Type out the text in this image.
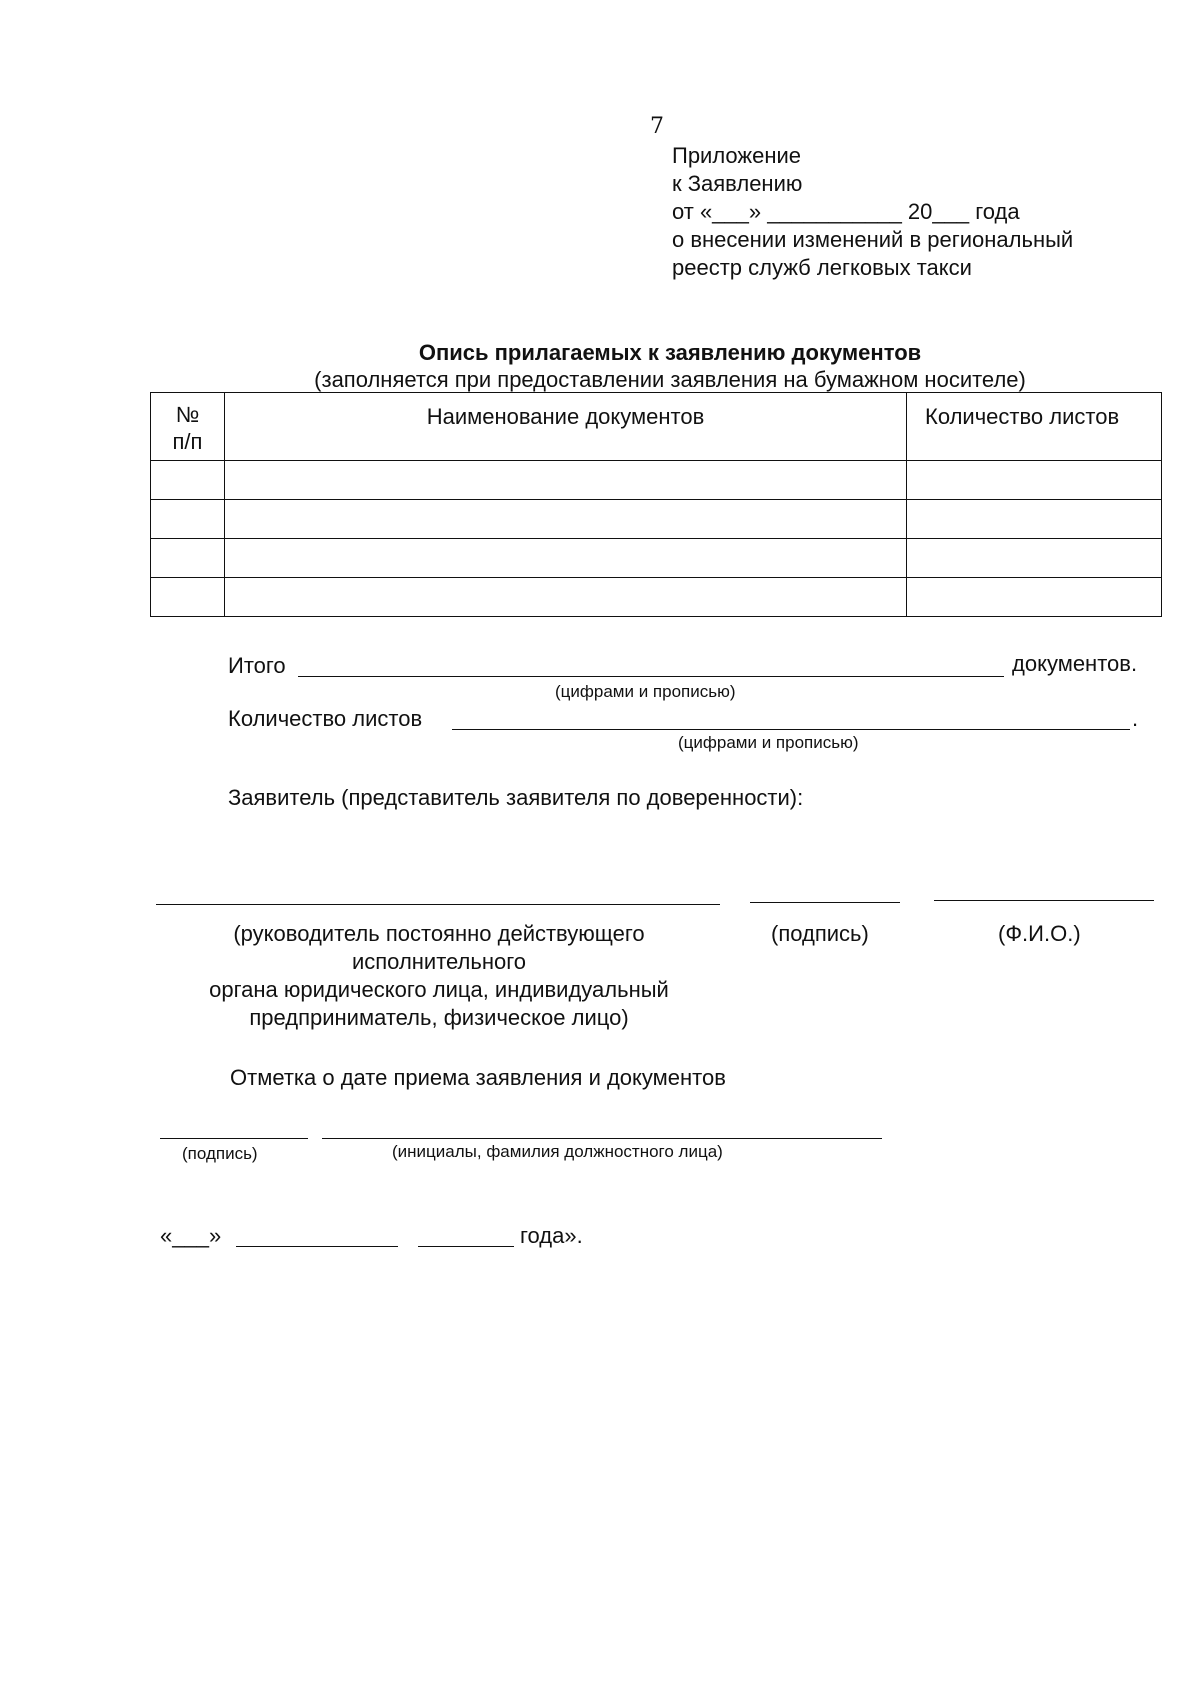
7
Приложение
к Заявлению
от «___» ___________ 20___ года
о внесении изменений в региональный
реестр служб легковых такси
Опись прилагаемых к заявлению документов
(заполняется при предоставлении заявления на бумажном носителе)
№ п/п	Наименование документов	Количество листов

Итого	документов.
(цифрами и прописью)
Количество листов	.
(цифрами и прописью)
Заявитель (представитель заявителя по доверенности):
(руководитель постоянно действующего
исполнительного
органа юридического лица, индивидуальный
предприниматель, физическое лицо)
(подпись)	(Ф.И.О.)
Отметка о дате приема заявления и документов
(подпись)	(инициалы, фамилия должностного лица)
«___»	года».
